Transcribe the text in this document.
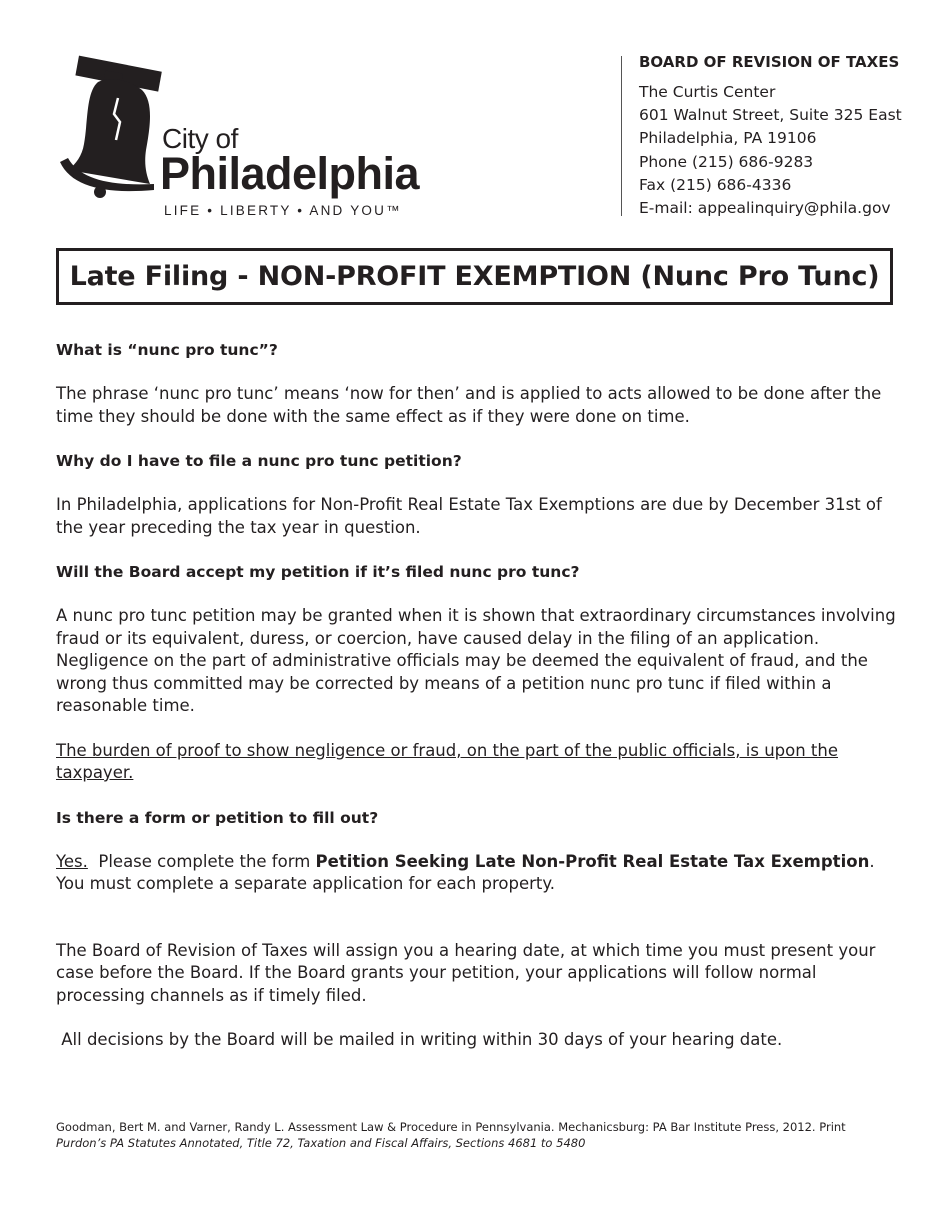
City of
Philadelphia
LIFE • LIBERTY • AND YOU™
BOARD OF REVISION OF TAXES
The Curtis Center
601 Walnut Street, Suite 325 East
Philadelphia, PA 19106
Phone (215) 686-9283
Fax (215) 686-4336
E-mail: appealinquiry@phila.gov
Late Filing - NON-PROFIT EXEMPTION (Nunc Pro Tunc)

What is “nunc pro tunc”?

The phrase ‘nunc pro tunc’ means ‘now for then’ and is applied to acts allowed to be done after the time they should be done with the same effect as if they were done on time.

Why do I have to file a nunc pro tunc petition?

In Philadelphia, applications for Non-Profit Real Estate Tax Exemptions are due by December 31st of the year preceding the tax year in question.

Will the Board accept my petition if it’s filed nunc pro tunc?

A nunc pro tunc petition may be granted when it is shown that extraordinary circumstances involving fraud or its equivalent, duress, or coercion, have caused delay in the filing of an application. Negligence on the part of administrative officials may be deemed the equivalent of fraud, and the wrong thus committed may be corrected by means of a petition nunc pro tunc if filed within a reasonable time.

The burden of proof to show negligence or fraud, on the part of the public officials, is upon the taxpayer.

Is there a form or petition to fill out?

Yes.  Please complete the form Petition Seeking Late Non-Profit Real Estate Tax Exemption.

You must complete a separate application for each property.

The Board of Revision of Taxes will assign you a hearing date, at which time you must present your case before the Board. If the Board grants your petition, your applications will follow normal processing channels as if timely filed.

All decisions by the Board will be mailed in writing within 30 days of your hearing date.

Goodman, Bert M. and Varner, Randy L. Assessment Law & Procedure in Pennsylvania. Mechanicsburg: PA Bar Institute Press, 2012. Print
Purdon’s PA Statutes Annotated, Title 72, Taxation and Fiscal Affairs, Sections 4681 to 5480
